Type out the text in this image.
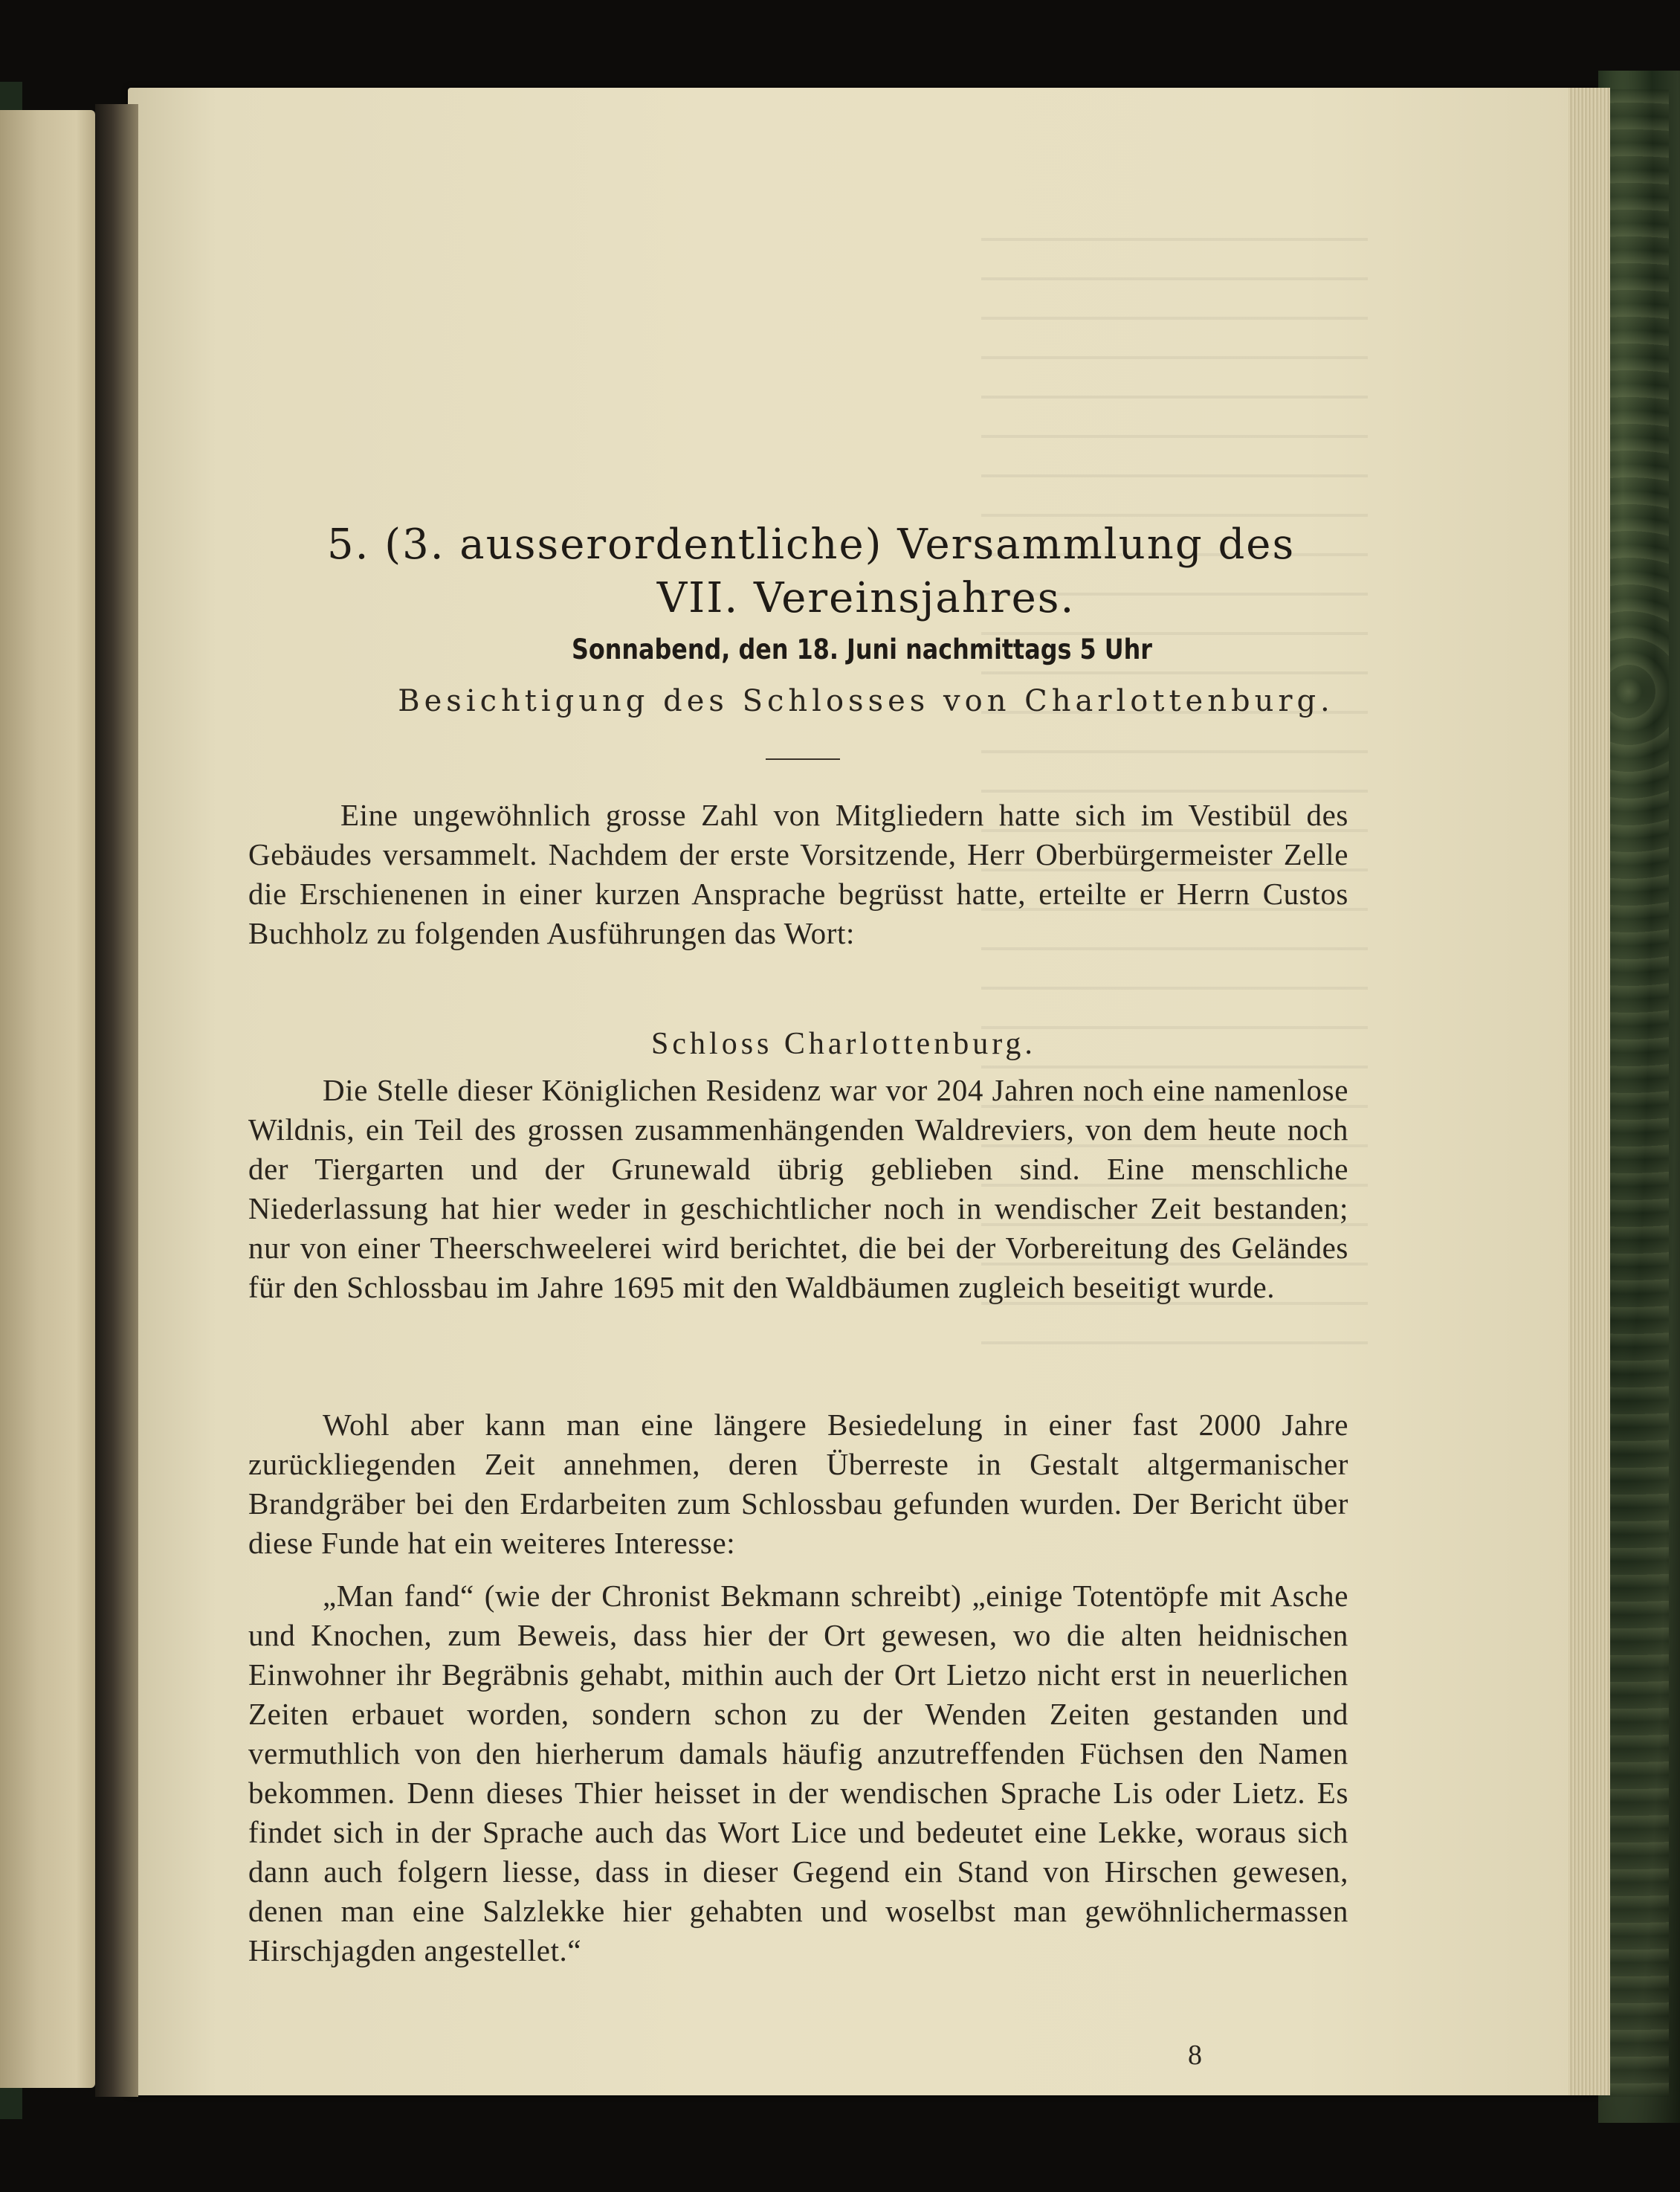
5. (3. ausserordentliche) Versammlung des
VII. Vereinsjahres.
Sonnabend, den 18. Juni nachmittags 5 Uhr
Besichtigung des Schlosses von Charlottenburg.
Eine ungewöhnlich grosse Zahl von Mitgliedern hatte sich im Vestibül des Gebäudes versammelt. Nachdem der erste Vorsitzende, Herr Oberbürgermeister Zelle die Erschienenen in einer kurzen Ansprache begrüsst hatte, erteilte er Herrn Custos Buchholz zu folgenden Ausführungen das Wort:
Schloss Charlottenburg.
Die Stelle dieser Königlichen Residenz war vor 204 Jahren noch eine namenlose Wildnis, ein Teil des grossen zusammenhängenden Waldreviers, von dem heute noch der Tiergarten und der Grunewald übrig geblieben sind. Eine menschliche Niederlassung hat hier weder in geschichtlicher noch in wendischer Zeit bestanden; nur von einer Theerschweelerei wird berichtet, die bei der Vorbereitung des Geländes für den Schlossbau im Jahre 1695 mit den Waldbäumen zugleich beseitigt wurde.
Wohl aber kann man eine längere Besiedelung in einer fast 2000 Jahre zurückliegenden Zeit annehmen, deren Überreste in Gestalt altgermanischer Brandgräber bei den Erdarbeiten zum Schlossbau gefunden wurden. Der Bericht über diese Funde hat ein weiteres Interesse:
„Man fand“ (wie der Chronist Bekmann schreibt) „einige Totentöpfe mit Asche und Knochen, zum Beweis, dass hier der Ort gewesen, wo die alten heidnischen Einwohner ihr Begräbnis gehabt, mithin auch der Ort Lietzo nicht erst in neuerlichen Zeiten erbauet worden, sondern schon zu der Wenden Zeiten gestanden und vermuthlich von den hierherum damals häufig anzutreffenden Füchsen den Namen bekommen. Denn dieses Thier heisset in der wendischen Sprache Lis oder Lietz. Es findet sich in der Sprache auch das Wort Lice und bedeutet eine Lekke, woraus sich dann auch folgern liesse, dass in dieser Gegend ein Stand von Hirschen gewesen, denen man eine Salzlekke hier gehabten und woselbst man gewöhnlichermassen Hirschjagden angestellet.“
8
